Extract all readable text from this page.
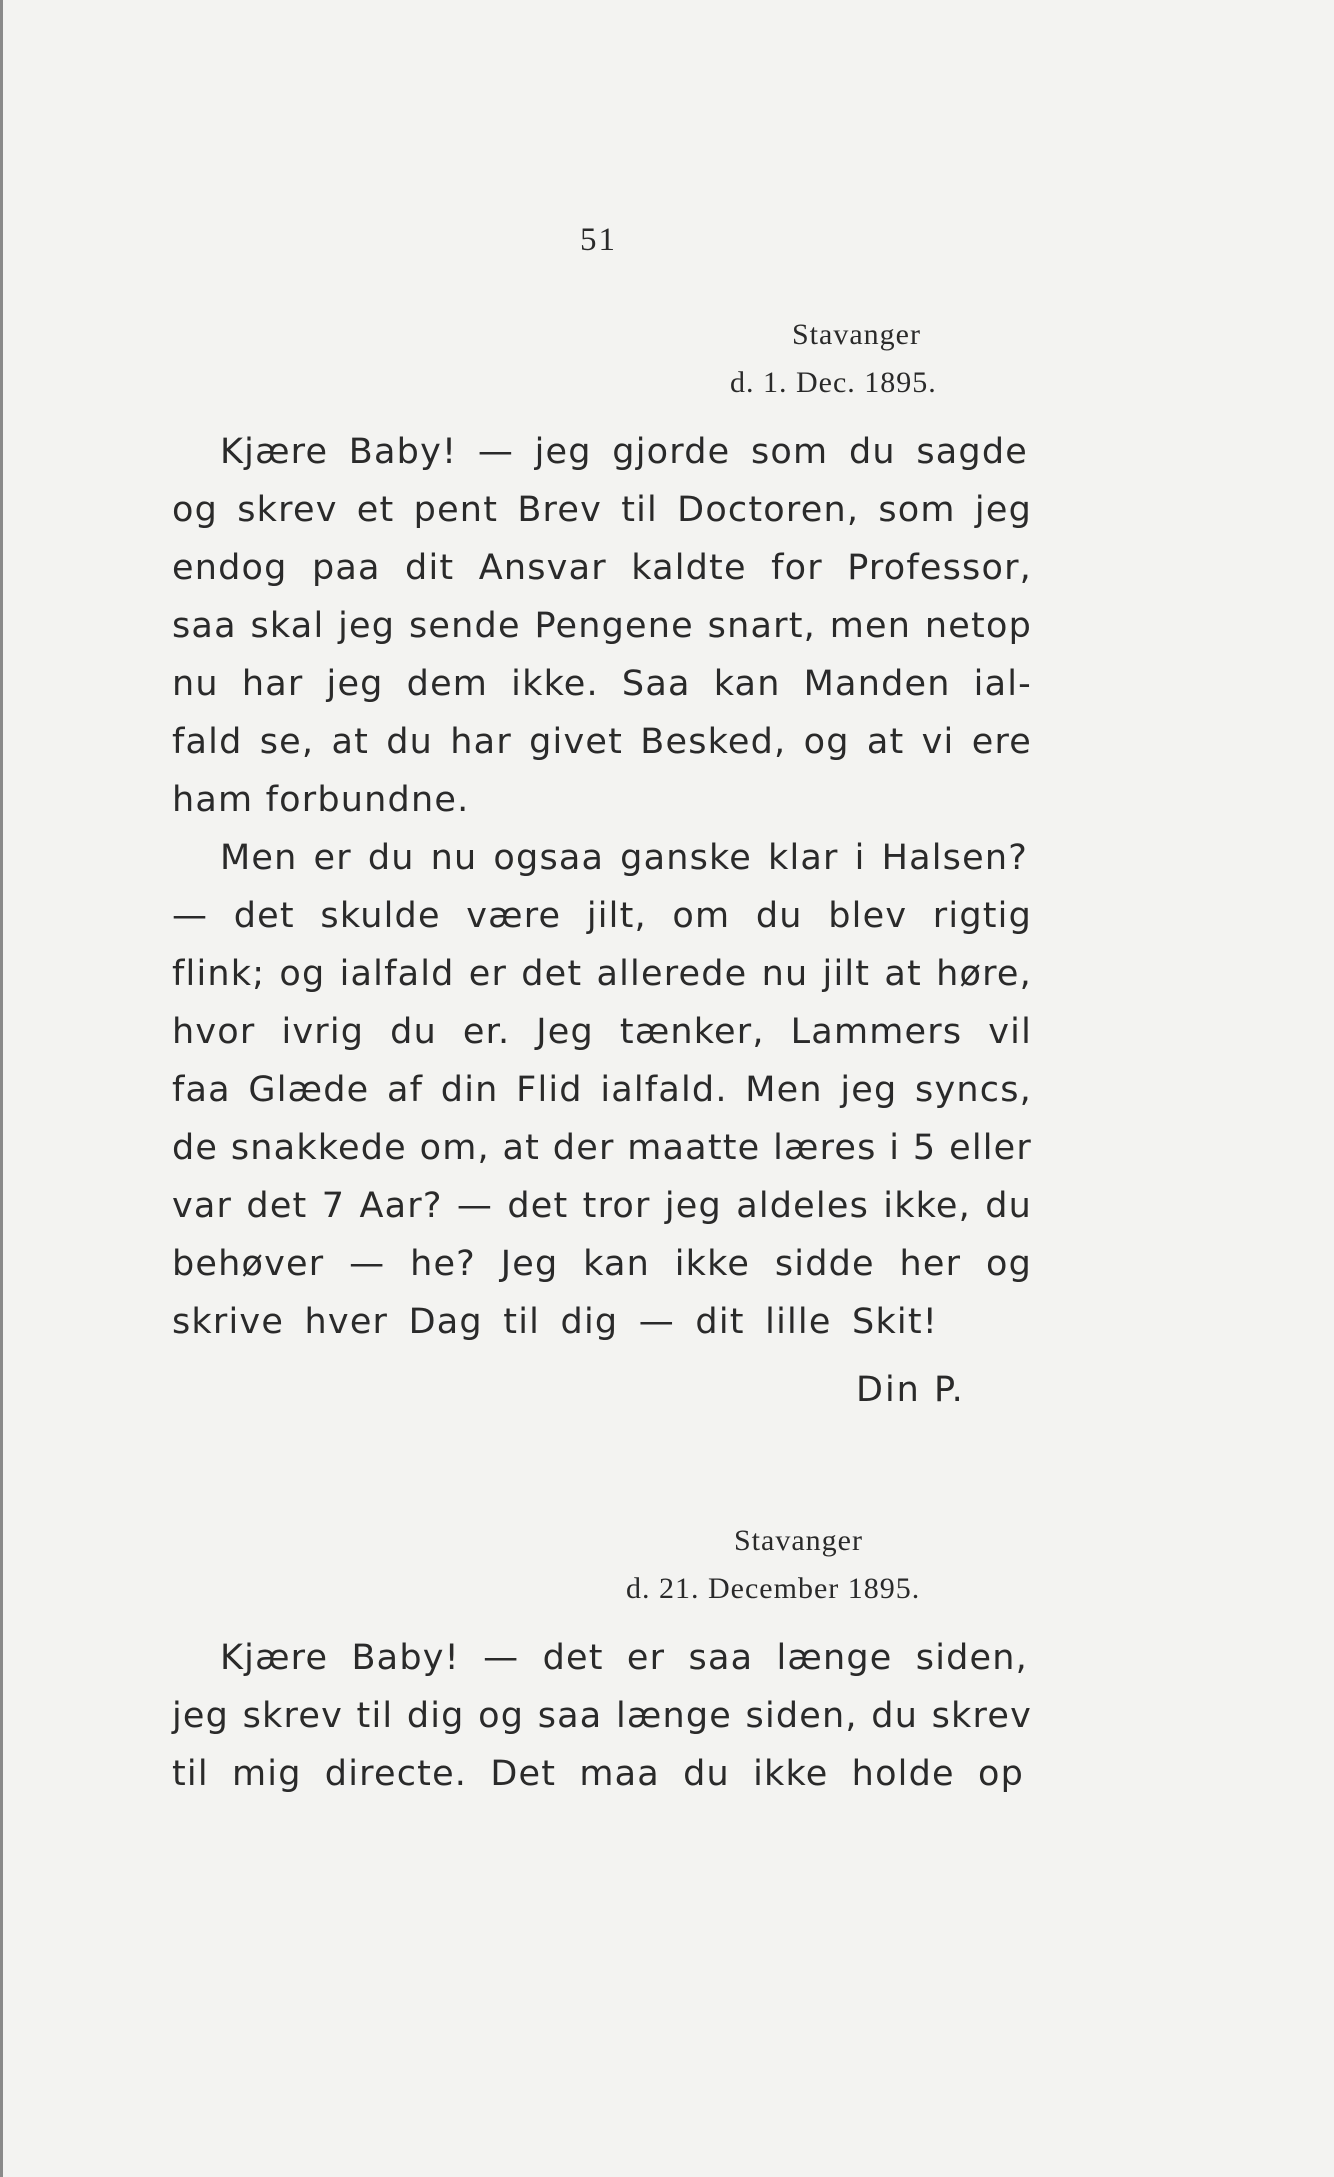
51
Stavanger
d. 1. Dec. 1895.
Kjære Baby! — jeg gjorde som du sagde
og skrev et pent Brev til Doctoren, som jeg
endog paa dit Ansvar kaldte for Professor,
saa skal jeg sende Pengene snart, men netop
nu har jeg dem ikke. Saa kan Manden ial-
fald se, at du har givet Besked, og at vi ere
ham forbundne.
Men er du nu ogsaa ganske klar i Halsen?
— det skulde være jilt, om du blev rigtig
flink; og ialfald er det allerede nu jilt at høre,
hvor ivrig du er. Jeg tænker, Lammers vil
faa Glæde af din Flid ialfald. Men jeg syncs,
de snakkede om, at der maatte læres i 5 eller
var det 7 Aar? — det tror jeg aldeles ikke, du
behøver — he? Jeg kan ikke sidde her og
skrive hver Dag til dig — dit lille Skit!
Din P.
Stavanger
d. 21. December 1895.
Kjære Baby! — det er saa længe siden,
jeg skrev til dig og saa længe siden, du skrev
til mig directe. Det maa du ikke holde op
